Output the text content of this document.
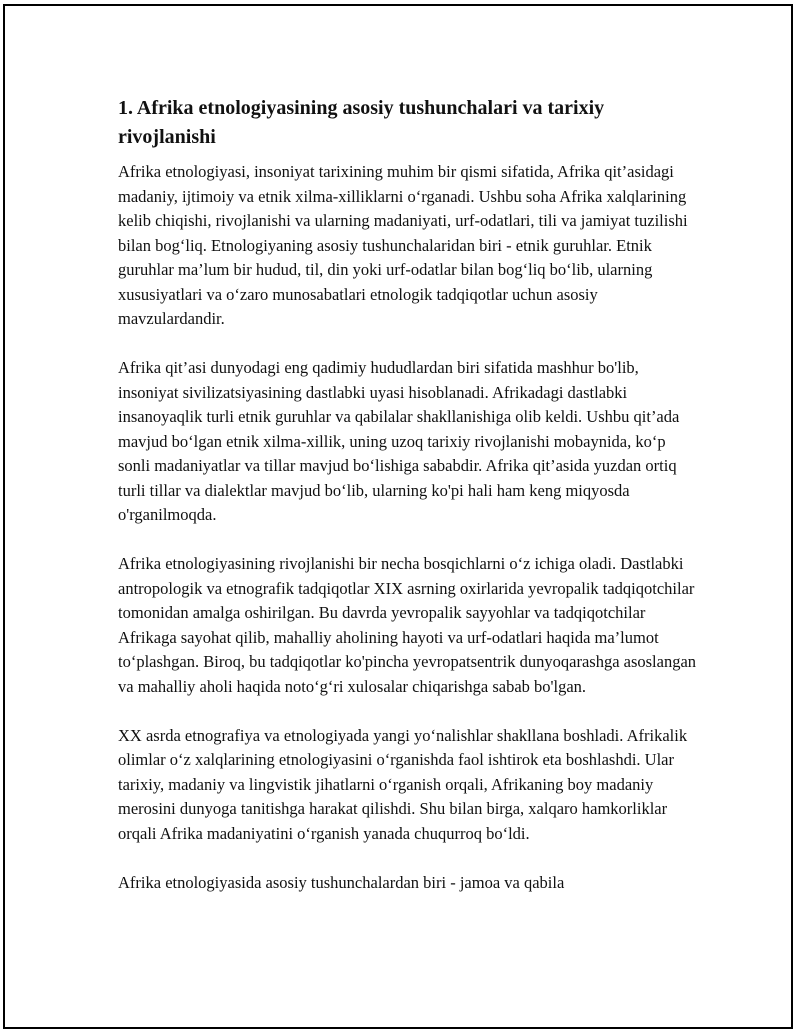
1. Afrika etnologiyasining asosiy tushunchalari va tarixiy rivojlanishi

Afrika etnologiyasi, insoniyat tarixining muhim bir qismi sifatida, Afrika qit’asidagi madaniy, ijtimoiy va etnik xilma-xilliklarni o‘rganadi. Ushbu soha Afrika xalqlarining kelib chiqishi, rivojlanishi va ularning madaniyati, urf-odatlari, tili va jamiyat tuzilishi bilan bog‘liq. Etnologiyaning asosiy tushunchalaridan biri - etnik guruhlar. Etnik guruhlar ma’lum bir hudud, til, din yoki urf-odatlar bilan bog‘liq bo‘lib, ularning xususiyatlari va o‘zaro munosabatlari etnologik tadqiqotlar uchun asosiy mavzulardandir.

Afrika qit’asi dunyodagi eng qadimiy hududlardan biri sifatida mashhur bo'lib, insoniyat sivilizatsiyasining dastlabki uyasi hisoblanadi. Afrikadagi dastlabki insanoyaqlik turli etnik guruhlar va qabilalar shakllanishiga olib keldi. Ushbu qit’ada mavjud bo‘lgan etnik xilma-xillik, uning uzoq tarixiy rivojlanishi mobaynida, ko‘p sonli madaniyatlar va tillar mavjud bo‘lishiga sababdir. Afrika qit’asida yuzdan ortiq turli tillar va dialektlar mavjud bo‘lib, ularning ko'pi hali ham keng miqyosda o'rganilmoqda.

Afrika etnologiyasining rivojlanishi bir necha bosqichlarni o‘z ichiga oladi. Dastlabki antropologik va etnografik tadqiqotlar XIX asrning oxirlarida yevropalik tadqiqotchilar tomonidan amalga oshirilgan. Bu davrda yevropalik sayyohlar va tadqiqotchilar Afrikaga sayohat qilib, mahalliy aholining hayoti va urf-odatlari haqida ma’lumot to‘plashgan. Biroq, bu tadqiqotlar ko'pincha yevropatsentrik dunyoqarashga asoslangan va mahalliy aholi haqida noto‘g‘ri xulosalar chiqarishga sabab bo'lgan.

XX asrda etnografiya va etnologiyada yangi yo‘nalishlar shakllana boshladi. Afrikalik olimlar o‘z xalqlarining etnologiyasini o‘rganishda faol ishtirok eta boshlashdi. Ular tarixiy, madaniy va lingvistik jihatlarni o‘rganish orqali, Afrikaning boy madaniy merosini dunyoga tanitishga harakat qilishdi. Shu bilan birga, xalqaro hamkorliklar orqali Afrika madaniyatini o‘rganish yanada chuqurroq bo‘ldi.

Afrika etnologiyasida asosiy tushunchalardan biri - jamoa va qabila
